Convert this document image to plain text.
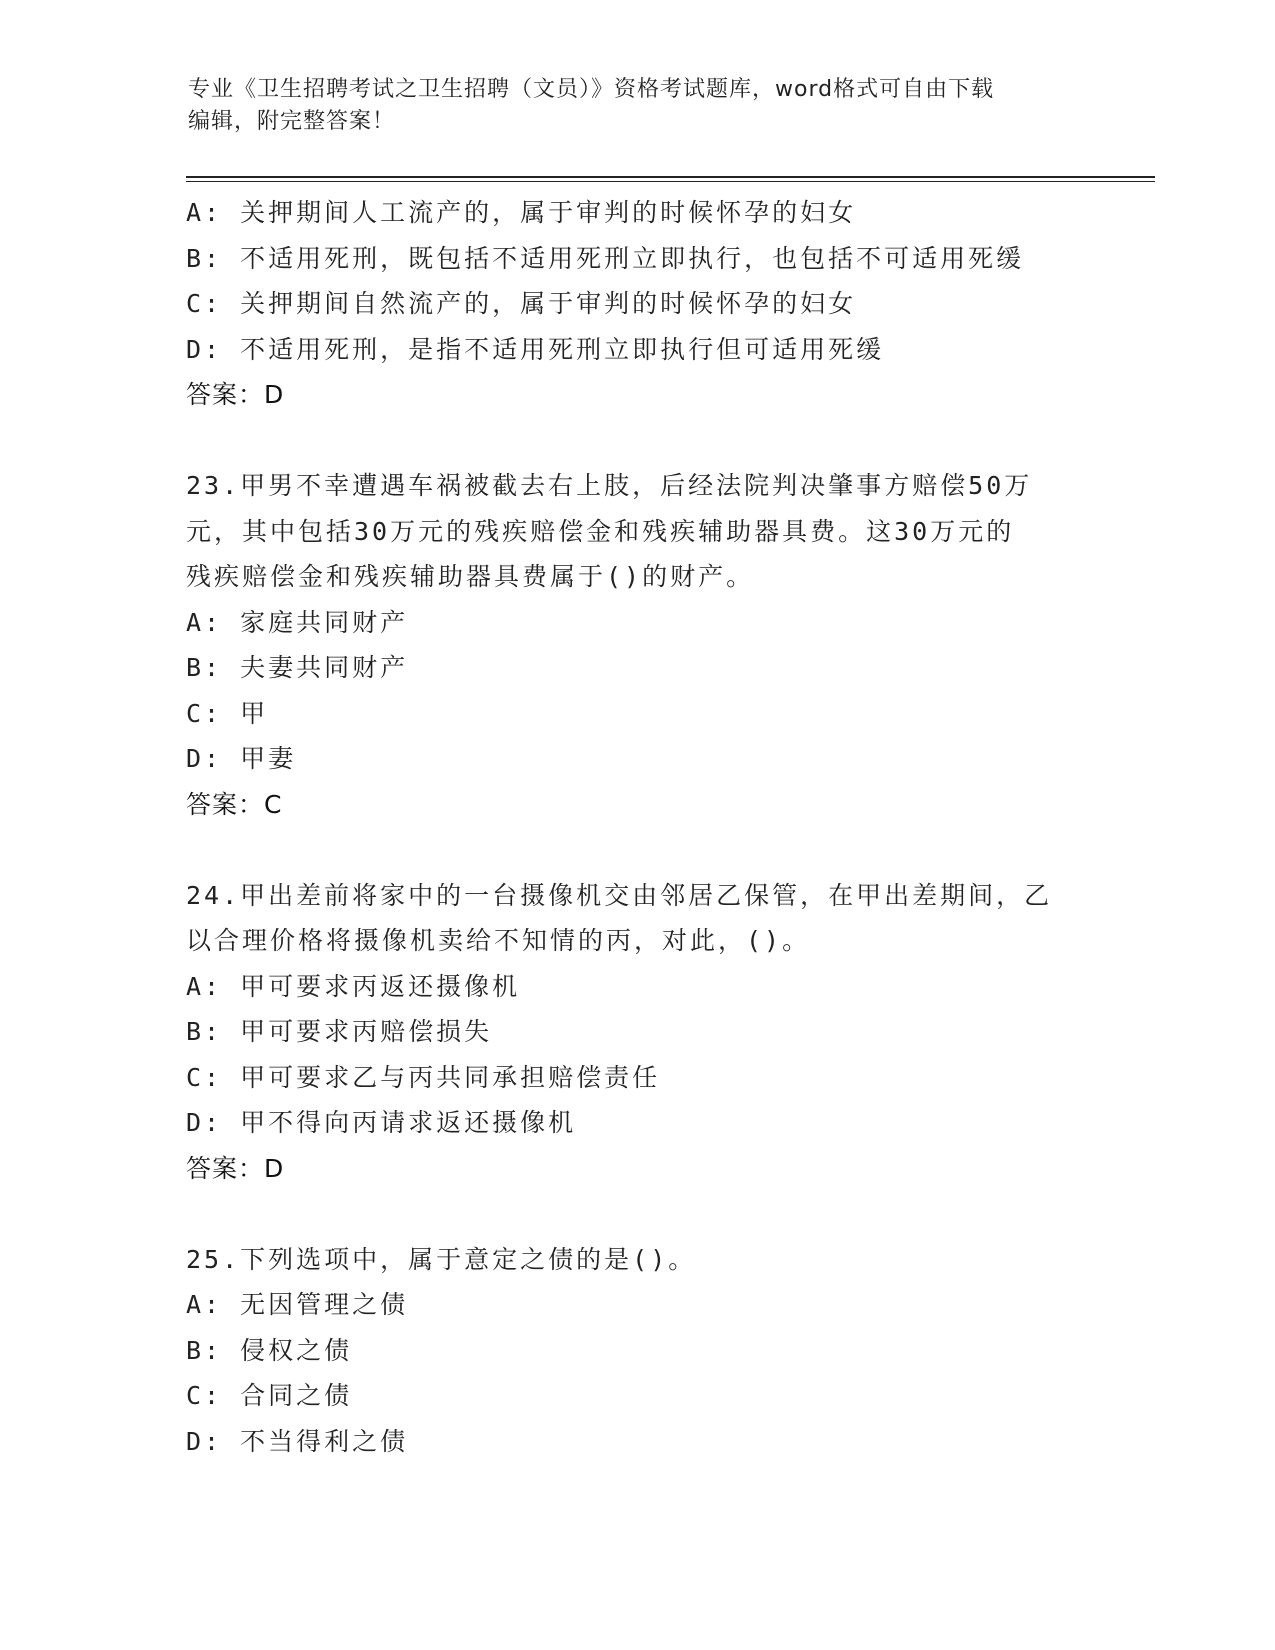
专业《卫生招聘考试之卫生招聘（文员）》资格考试题库，word格式可自由下载
编辑，附完整答案！
A: 关押期间人工流产的，属于审判的时候怀孕的妇女
B: 不适用死刑，既包括不适用死刑立即执行，也包括不可适用死缓
C: 关押期间自然流产的，属于审判的时候怀孕的妇女
D: 不适用死刑，是指不适用死刑立即执行但可适用死缓
答案：D
23.甲男不幸遭遇车祸被截去右上肢，后经法院判决肇事方赔偿50万
元，其中包括30万元的残疾赔偿金和残疾辅助器具费。这30万元的
残疾赔偿金和残疾辅助器具费属于()的财产。
A: 家庭共同财产
B: 夫妻共同财产
C: 甲
D: 甲妻
答案：C
24.甲出差前将家中的一台摄像机交由邻居乙保管，在甲出差期间，乙
以合理价格将摄像机卖给不知情的丙，对此，()。
A: 甲可要求丙返还摄像机
B: 甲可要求丙赔偿损失
C: 甲可要求乙与丙共同承担赔偿责任
D: 甲不得向丙请求返还摄像机
答案：D
25.下列选项中，属于意定之债的是()。
A: 无因管理之债
B: 侵权之债
C: 合同之债
D: 不当得利之债
